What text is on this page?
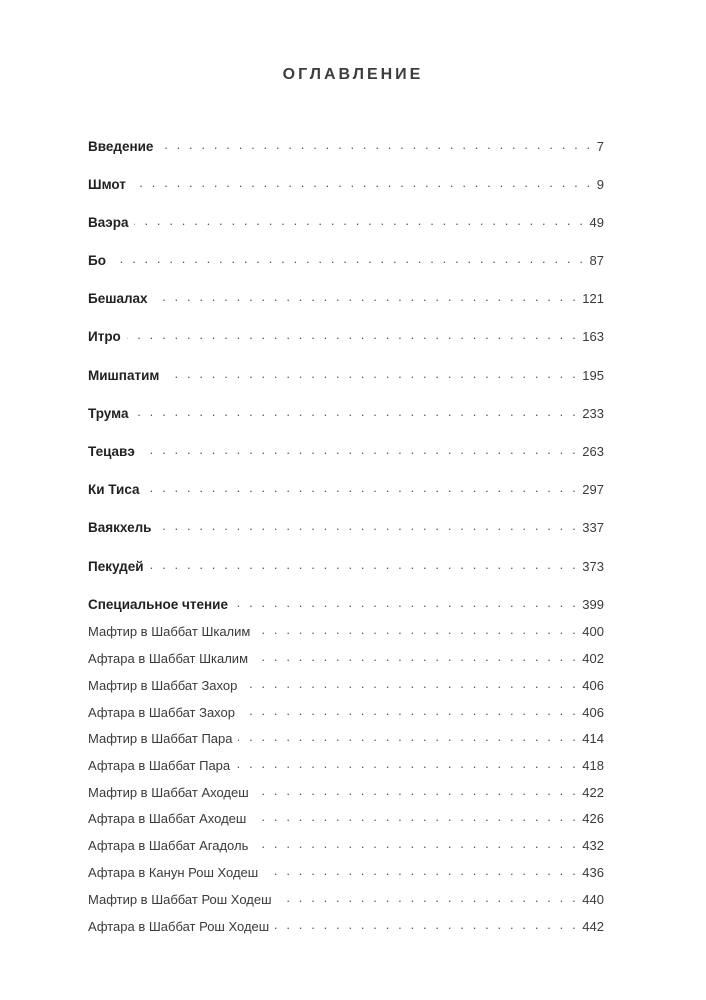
ОГЛАВЛЕНИЕ
Введение . . .	7
Шмот . . .	9
Ваэра . . .	49
Бо . . .	87
Бешалах . . .	121
Итро . . .	163
Мишпатим . . .	195
Трума . . .	233
Тецавэ . . .	263
Ки Тиса . . .	297
Ваякхель . . .	337
Пекудей . . .	373
Специальное чтение . . .	399
Мафтир в Шаббат Шкалим . . .	400
Афтара в Шаббат Шкалим . . .	402
Мафтир в Шаббат Захор . . .	406
Афтара в Шаббат Захор . . .	406
Мафтир в Шаббат Пара . . .	414
Афтара в Шаббат Пара . . .	418
Мафтир в Шаббат Аходеш . . .	422
Афтара в Шаббат Аходеш . . .	426
Афтара в Шаббат Агадоль . . .	432
Афтара в Канун Рош Ходеш . . .	436
Мафтир в Шаббат Рош Ходеш . . .	440
Афтара в Шаббат Рош Ходеш . . .	442
